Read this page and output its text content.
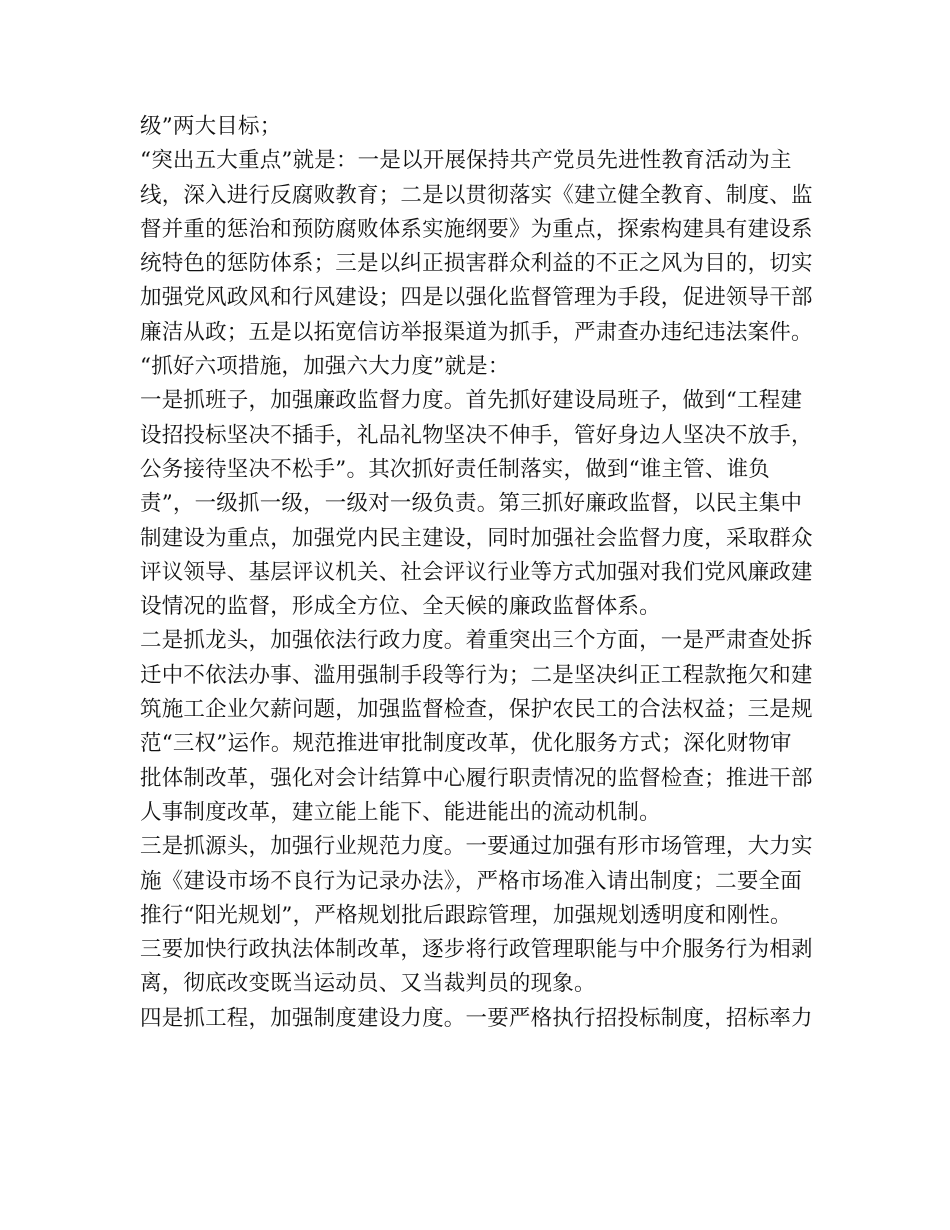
级”两大目标；
“突出五大重点”就是：一是以开展保持共产党员先进性教育活动为主
线，深入进行反腐败教育；二是以贯彻落实《建立健全教育、制度、监
督并重的惩治和预防腐败体系实施纲要》为重点，探索构建具有建设系
统特色的惩防体系；三是以纠正损害群众利益的不正之风为目的，切实
加强党风政风和行风建设；四是以强化监督管理为手段，促进领导干部
廉洁从政；五是以拓宽信访举报渠道为抓手，严肃查办违纪违法案件。
“抓好六项措施，加强六大力度”就是：
一是抓班子，加强廉政监督力度。首先抓好建设局班子，做到“工程建
设招投标坚决不插手，礼品礼物坚决不伸手，管好身边人坚决不放手，
公务接待坚决不松手”。其次抓好责任制落实，做到“谁主管、谁负
责”，一级抓一级，一级对一级负责。第三抓好廉政监督，以民主集中
制建设为重点，加强党内民主建设，同时加强社会监督力度，采取群众
评议领导、基层评议机关、社会评议行业等方式加强对我们党风廉政建
设情况的监督，形成全方位、全天候的廉政监督体系。
二是抓龙头，加强依法行政力度。着重突出三个方面，一是严肃查处拆
迁中不依法办事、滥用强制手段等行为；二是坚决纠正工程款拖欠和建
筑施工企业欠薪问题，加强监督检查，保护农民工的合法权益；三是规
范“三权”运作。规范推进审批制度改革，优化服务方式；深化财物审
批体制改革，强化对会计结算中心履行职责情况的监督检查；推进干部
人事制度改革，建立能上能下、能进能出的流动机制。
三是抓源头，加强行业规范力度。一要通过加强有形市场管理，大力实
施《建设市场不良行为记录办法》，严格市场准入请出制度；二要全面
推行“阳光规划”，严格规划批后跟踪管理，加强规划透明度和刚性。
三要加快行政执法体制改革，逐步将行政管理职能与中介服务行为相剥
离，彻底改变既当运动员、又当裁判员的现象。
四是抓工程，加强制度建设力度。一要严格执行招投标制度，招标率力
